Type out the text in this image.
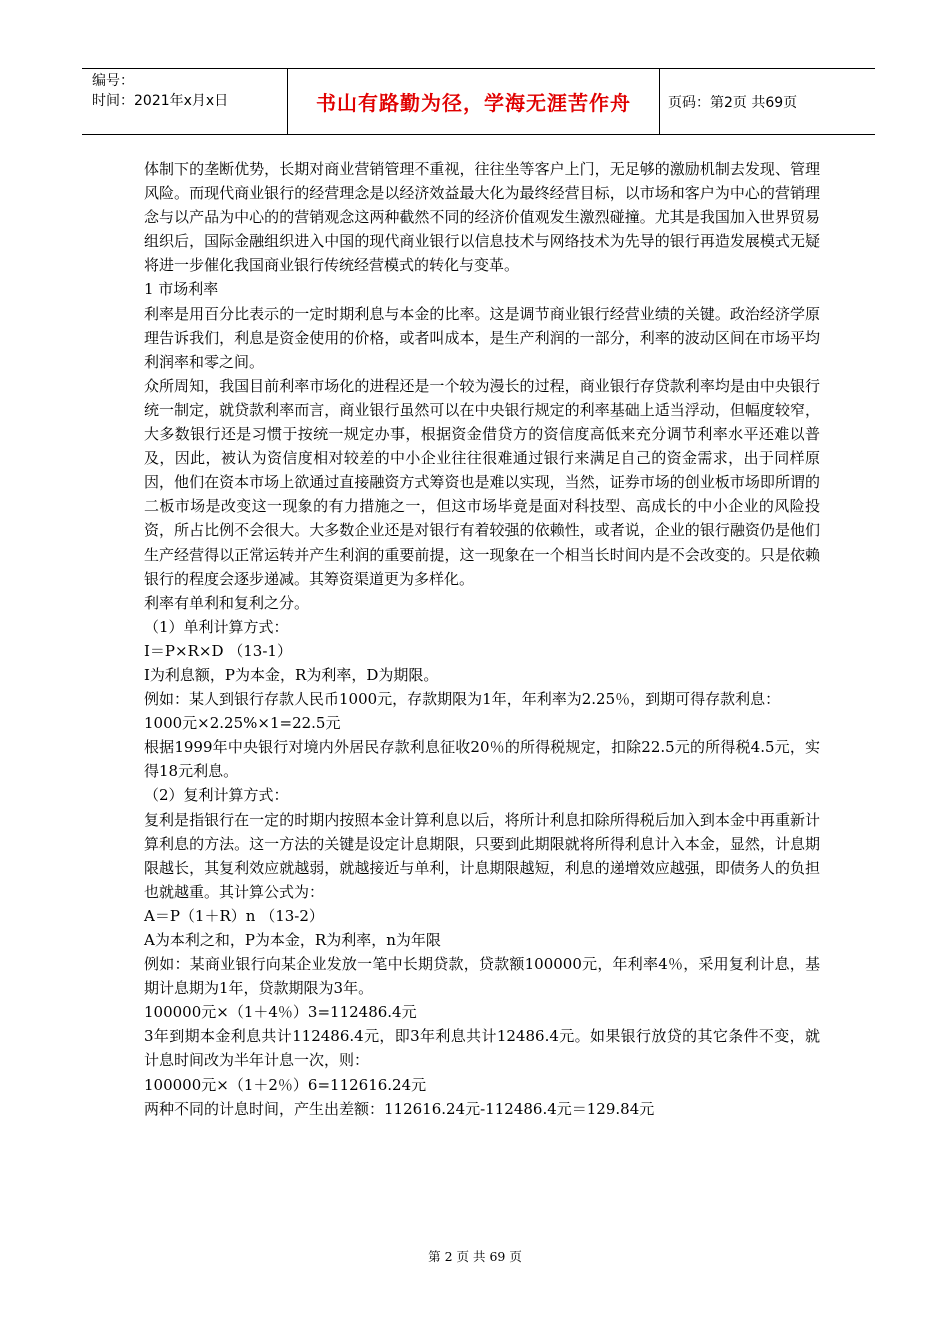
编号：
时间：2021年x月x日	书山有路勤为径，学海无涯苦作舟	页码：第2页 共69页

体制下的垄断优势，长期对商业营销管理不重视，往往坐等客户上门，无足够的激励机制去发现、管理风险。而现代商业银行的经营理念是以经济效益最大化为最终经营目标，以市场和客户为中心的营销理念与以产品为中心的的营销观念这两种截然不同的经济价值观发生激烈碰撞。尤其是我国加入世界贸易组织后，国际金融组织进入中国的现代商业银行以信息技术与网络技术为先导的银行再造发展模式无疑将进一步催化我国商业银行传统经营模式的转化与变革。

1 市场利率

利率是用百分比表示的一定时期利息与本金的比率。这是调节商业银行经营业绩的关键。政治经济学原理告诉我们，利息是资金使用的价格，或者叫成本，是生产利润的一部分，利率的波动区间在市场平均利润率和零之间。

众所周知，我国目前利率市场化的进程还是一个较为漫长的过程，商业银行存贷款利率均是由中央银行统一制定，就贷款利率而言，商业银行虽然可以在中央银行规定的利率基础上适当浮动，但幅度较窄，大多数银行还是习惯于按统一规定办事，根据资金借贷方的资信度高低来充分调节利率水平还难以普及，因此，被认为资信度相对较差的中小企业往往很难通过银行来满足自己的资金需求，出于同样原因，他们在资本市场上欲通过直接融资方式筹资也是难以实现，当然，证券市场的创业板市场即所谓的二板市场是改变这一现象的有力措施之一，但这市场毕竟是面对科技型、高成长的中小企业的风险投资，所占比例不会很大。大多数企业还是对银行有着较强的依赖性，或者说，企业的银行融资仍是他们生产经营得以正常运转并产生利润的重要前提，这一现象在一个相当长时间内是不会改变的。只是依赖银行的程度会逐步递减。其筹资渠道更为多样化。

利率有单利和复利之分。

（1）单利计算方式：

I＝P×R×D （13-1）

I为利息额，P为本金，R为利率，D为期限。

例如：某人到银行存款人民币1000元，存款期限为1年，年利率为2.25％，到期可得存款利息：

1000元×2.25%×1=22.5元

根据1999年中央银行对境内外居民存款利息征收20％的所得税规定，扣除22.5元的所得税4.5元，实得18元利息。

（2）复利计算方式：

复利是指银行在一定的时期内按照本金计算利息以后，将所计利息扣除所得税后加入到本金中再重新计算利息的方法。这一方法的关键是设定计息期限，只要到此期限就将所得利息计入本金，显然，计息期限越长，其复利效应就越弱，就越接近与单利，计息期限越短，利息的递增效应越强，即债务人的负担也就越重。其计算公式为：

A＝P（1＋R）n （13-2）

A为本利之和，P为本金，R为利率，n为年限

例如：某商业银行向某企业发放一笔中长期贷款，贷款额100000元，年利率4％，采用复利计息，基期计息期为1年，贷款期限为3年。

100000元×（1＋4％）3=112486.4元

3年到期本金利息共计112486.4元，即3年利息共计12486.4元。如果银行放贷的其它条件不变，就计息时间改为半年计息一次，则：

100000元×（1＋2％）6=112616.24元

两种不同的计息时间，产生出差额：112616.24元-112486.4元＝129.84元

第 2 页 共 69 页
